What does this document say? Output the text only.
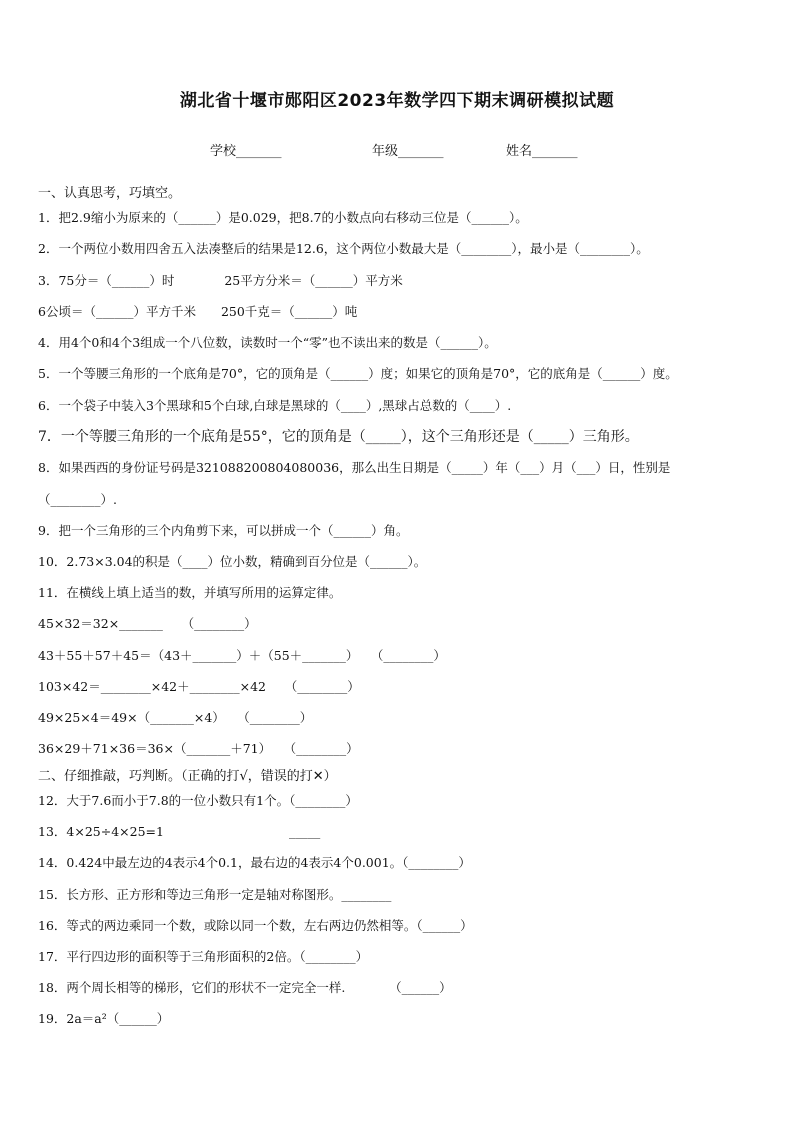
湖北省十堰市郧阳区2023年数学四下期末调研模拟试题
学校_______	年级_______	姓名_______
一、认真思考，巧填空。
1．把2.9缩小为原来的（______）是0.029，把8.7的小数点向右移动三位是（______）。
2．一个两位小数用四舍五入法凑整后的结果是12.6，这个两位小数最大是（________），最小是（________）。
3．75分＝（______）时　　　　25平方分米＝（______）平方米
6公顷＝（______）平方千米　　250千克＝（______）吨
4．用4个0和4个3组成一个八位数，读数时一个“零”也不读出来的数是（______）。
5．一个等腰三角形的一个底角是70°，它的顶角是（______）度；如果它的顶角是70°，它的底角是（______）度。
6．一个袋子中装入3个黑球和5个白球,白球是黑球的（____）,黑球占总数的（____）.
7．一个等腰三角形的一个底角是55°，它的顶角是（_____），这个三角形还是（_____）三角形。
8．如果西西的身份证号码是321088200804080036，那么出生日期是（_____）年（___）月（___）日，性别是
（________）.
9．把一个三角形的三个内角剪下来，可以拼成一个（______）角。
10．2.73×3.04的积是（____）位小数，精确到百分位是（______）。
11．在横线上填上适当的数，并填写所用的运算定律。
45×32＝32×_______　　（________）
43＋55＋57＋45＝（43＋_______）＋（55＋_______）　　（________）
103×42＝________×42＋________×42　　（________）
49×25×4＝49×（_______×4）　　（________）
36×29＋71×36＝36×（_______＋71）　　（________）
二、仔细推敲，巧判断。（正确的打√，错误的打✕）
12．大于7.6而小于7.8的一位小数只有1个。（________）
13．4×25÷4×25=1　　　　　　　　　　_____
14．0.424中最左边的4表示4个0.1，最右边的4表示4个0.001。（________）
15．长方形、正方形和等边三角形一定是轴对称图形。________
16．等式的两边乘同一个数，或除以同一个数，左右两边仍然相等。（______）
17．平行四边形的面积等于三角形面积的2倍。（________）
18．两个周长相等的梯形，它们的形状不一定完全一样.　　　　（______）
19．2a＝a²（______）
